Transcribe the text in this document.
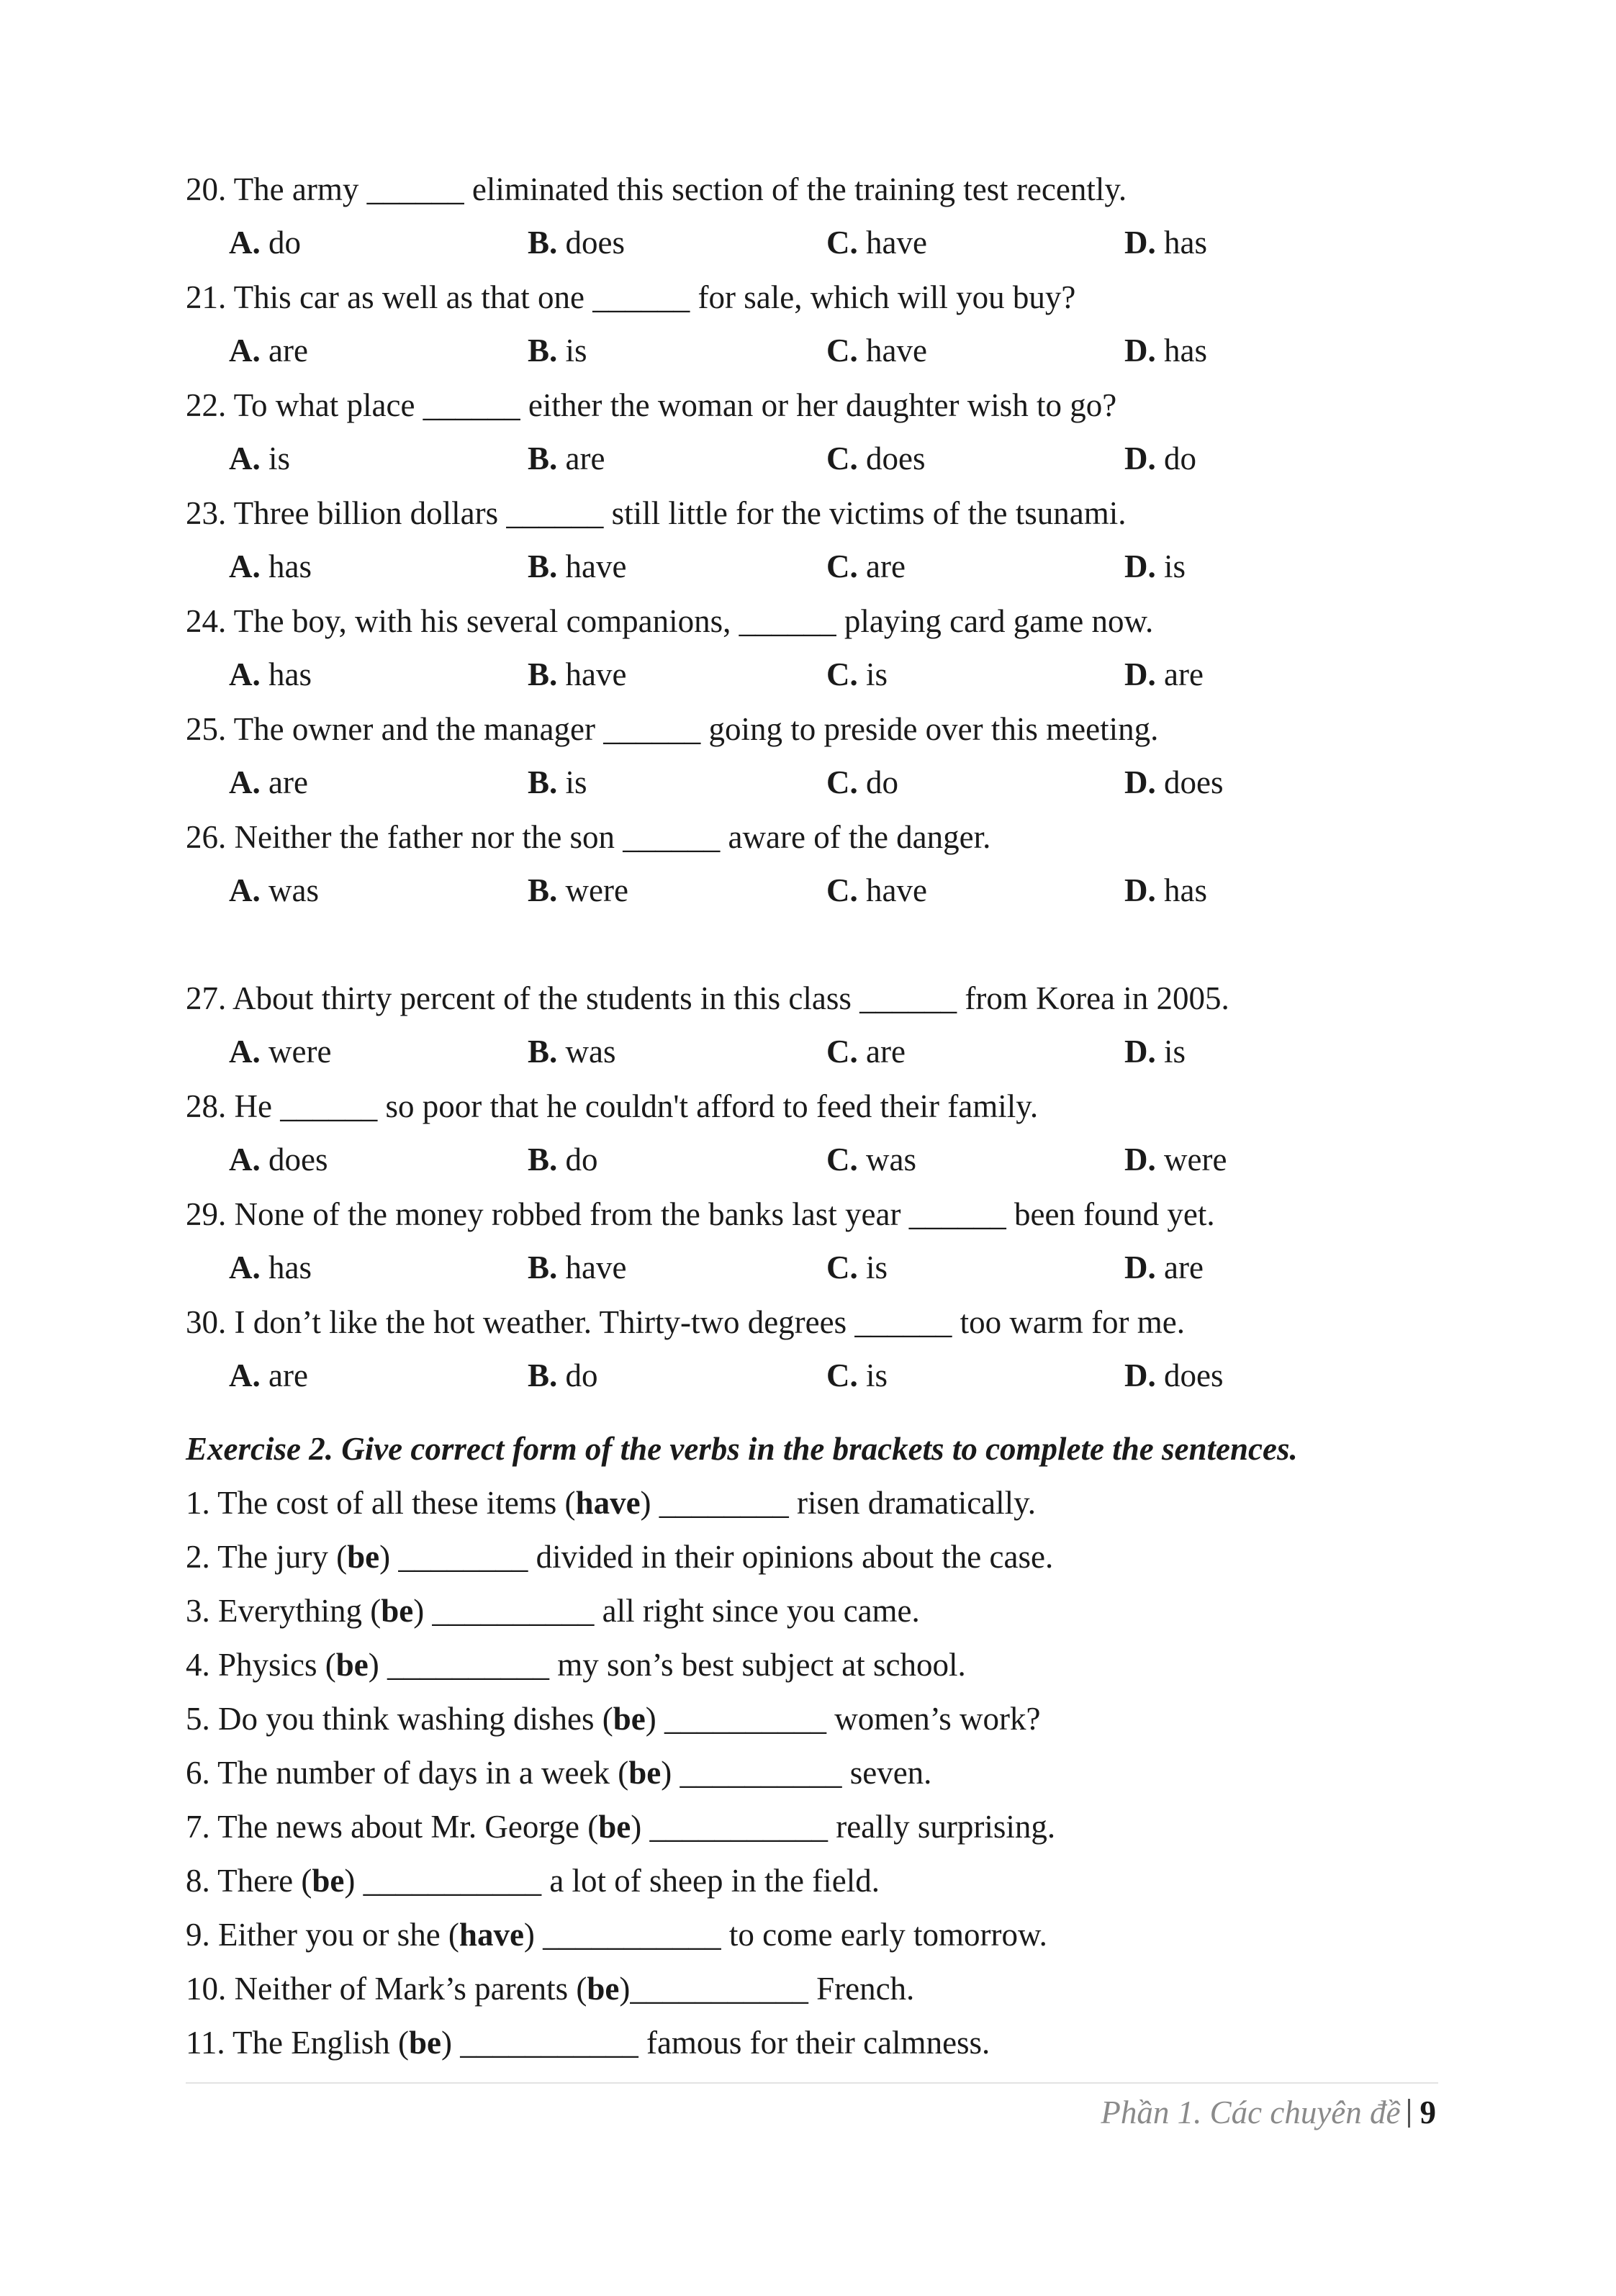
20. The army ______ eliminated this section of the training test recently.
A. do	B. does	C. have	D. has
21. This car as well as that one ______ for sale, which will you buy?
A. are	B. is	C. have	D. has
22. To what place ______ either the woman or her daughter wish to go?
A. is	B. are	C. does	D. do
23. Three billion dollars ______ still little for the victims of the tsunami.
A. has	B. have	C. are	D. is
24. The boy, with his several companions, ______ playing card game now.
A. has	B. have	C. is	D. are
25. The owner and the manager ______ going to preside over this meeting.
A. are	B. is	C. do	D. does
26. Neither the father nor the son ______ aware of the danger.
A. was	B. were	C. have	D. has
27. About thirty percent of the students in this class ______ from Korea in 2005.
A. were	B. was	C. are	D. is
28. He ______ so poor that he couldn't afford to feed their family.
A. does	B. do	C. was	D. were
29. None of the money robbed from the banks last year ______ been found yet.
A. has	B. have	C. is	D. are
30. I don’t like the hot weather. Thirty-two degrees ______ too warm for me.
A. are	B. do	C. is	D. does
Exercise 2. Give correct form of the verbs in the brackets to complete the sentences.
1. The cost of all these items (have) ________ risen dramatically.
2. The jury (be) ________ divided in their opinions about the case.
3. Everything (be) __________ all right since you came.
4. Physics (be) __________ my son’s best subject at school.
5. Do you think washing dishes (be) __________ women’s work?
6. The number of days in a week (be) __________ seven.
7. The news about Mr. George (be) ___________ really surprising.
8. There (be) ___________ a lot of sheep in the field.
9. Either you or she (have) ___________ to come early tomorrow.
10. Neither of Mark’s parents (be)___________ French.
11. The English (be) ___________ famous for their calmness.
Phần 1. Các chuyên đề 9
